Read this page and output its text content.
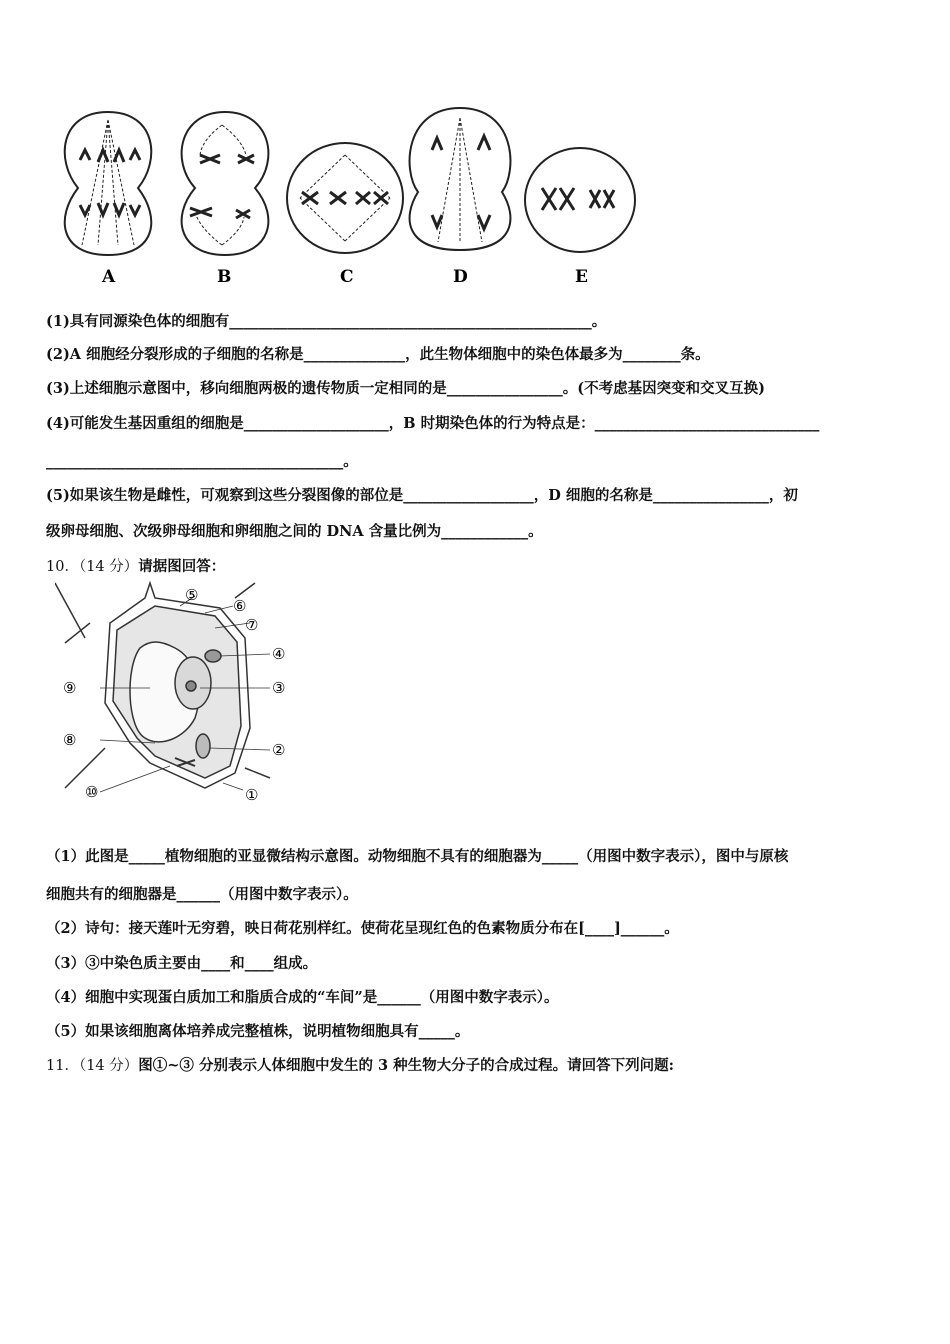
A	B	C	D	E
(1)具有同源染色体的细胞有__________________________________________________。
(2)A 细胞经分裂形成的子细胞的名称是______________，此生物体细胞中的染色体最多为________条。
(3)上述细胞示意图中，移向细胞两极的遗传物质一定相同的是________________。(不考虑基因突变和交叉互换)
(4)可能发生基因重组的细胞是____________________，B 时期染色体的行为特点是：_______________________________
_________________________________________。
(5)如果该生物是雌性，可观察到这些分裂图像的部位是__________________，D 细胞的名称是________________，初
级卵母细胞、次级卵母细胞和卵细胞之间的 DNA 含量比例为____________。
10．（14 分）请据图回答：
⑤
⑥
⑦
④
⑨	③
⑧
②
⑩	①
（1）此图是_____植物细胞的亚显微结构示意图。动物细胞不具有的细胞器为_____（用图中数字表示），图中与原核
细胞共有的细胞器是______（用图中数字表示）。
（2）诗句：接天莲叶无穷碧，映日荷花别样红。使荷花呈现红色的色素物质分布在[____]______。
（3）③中染色质主要由____和____组成。
（4）细胞中实现蛋白质加工和脂质合成的“车间”是______（用图中数字表示）。
（5）如果该细胞离体培养成完整植株，说明植物细胞具有_____。
11．（14 分）图①~③ 分别表示人体细胞中发生的 3 种生物大分子的合成过程。请回答下列问题:
